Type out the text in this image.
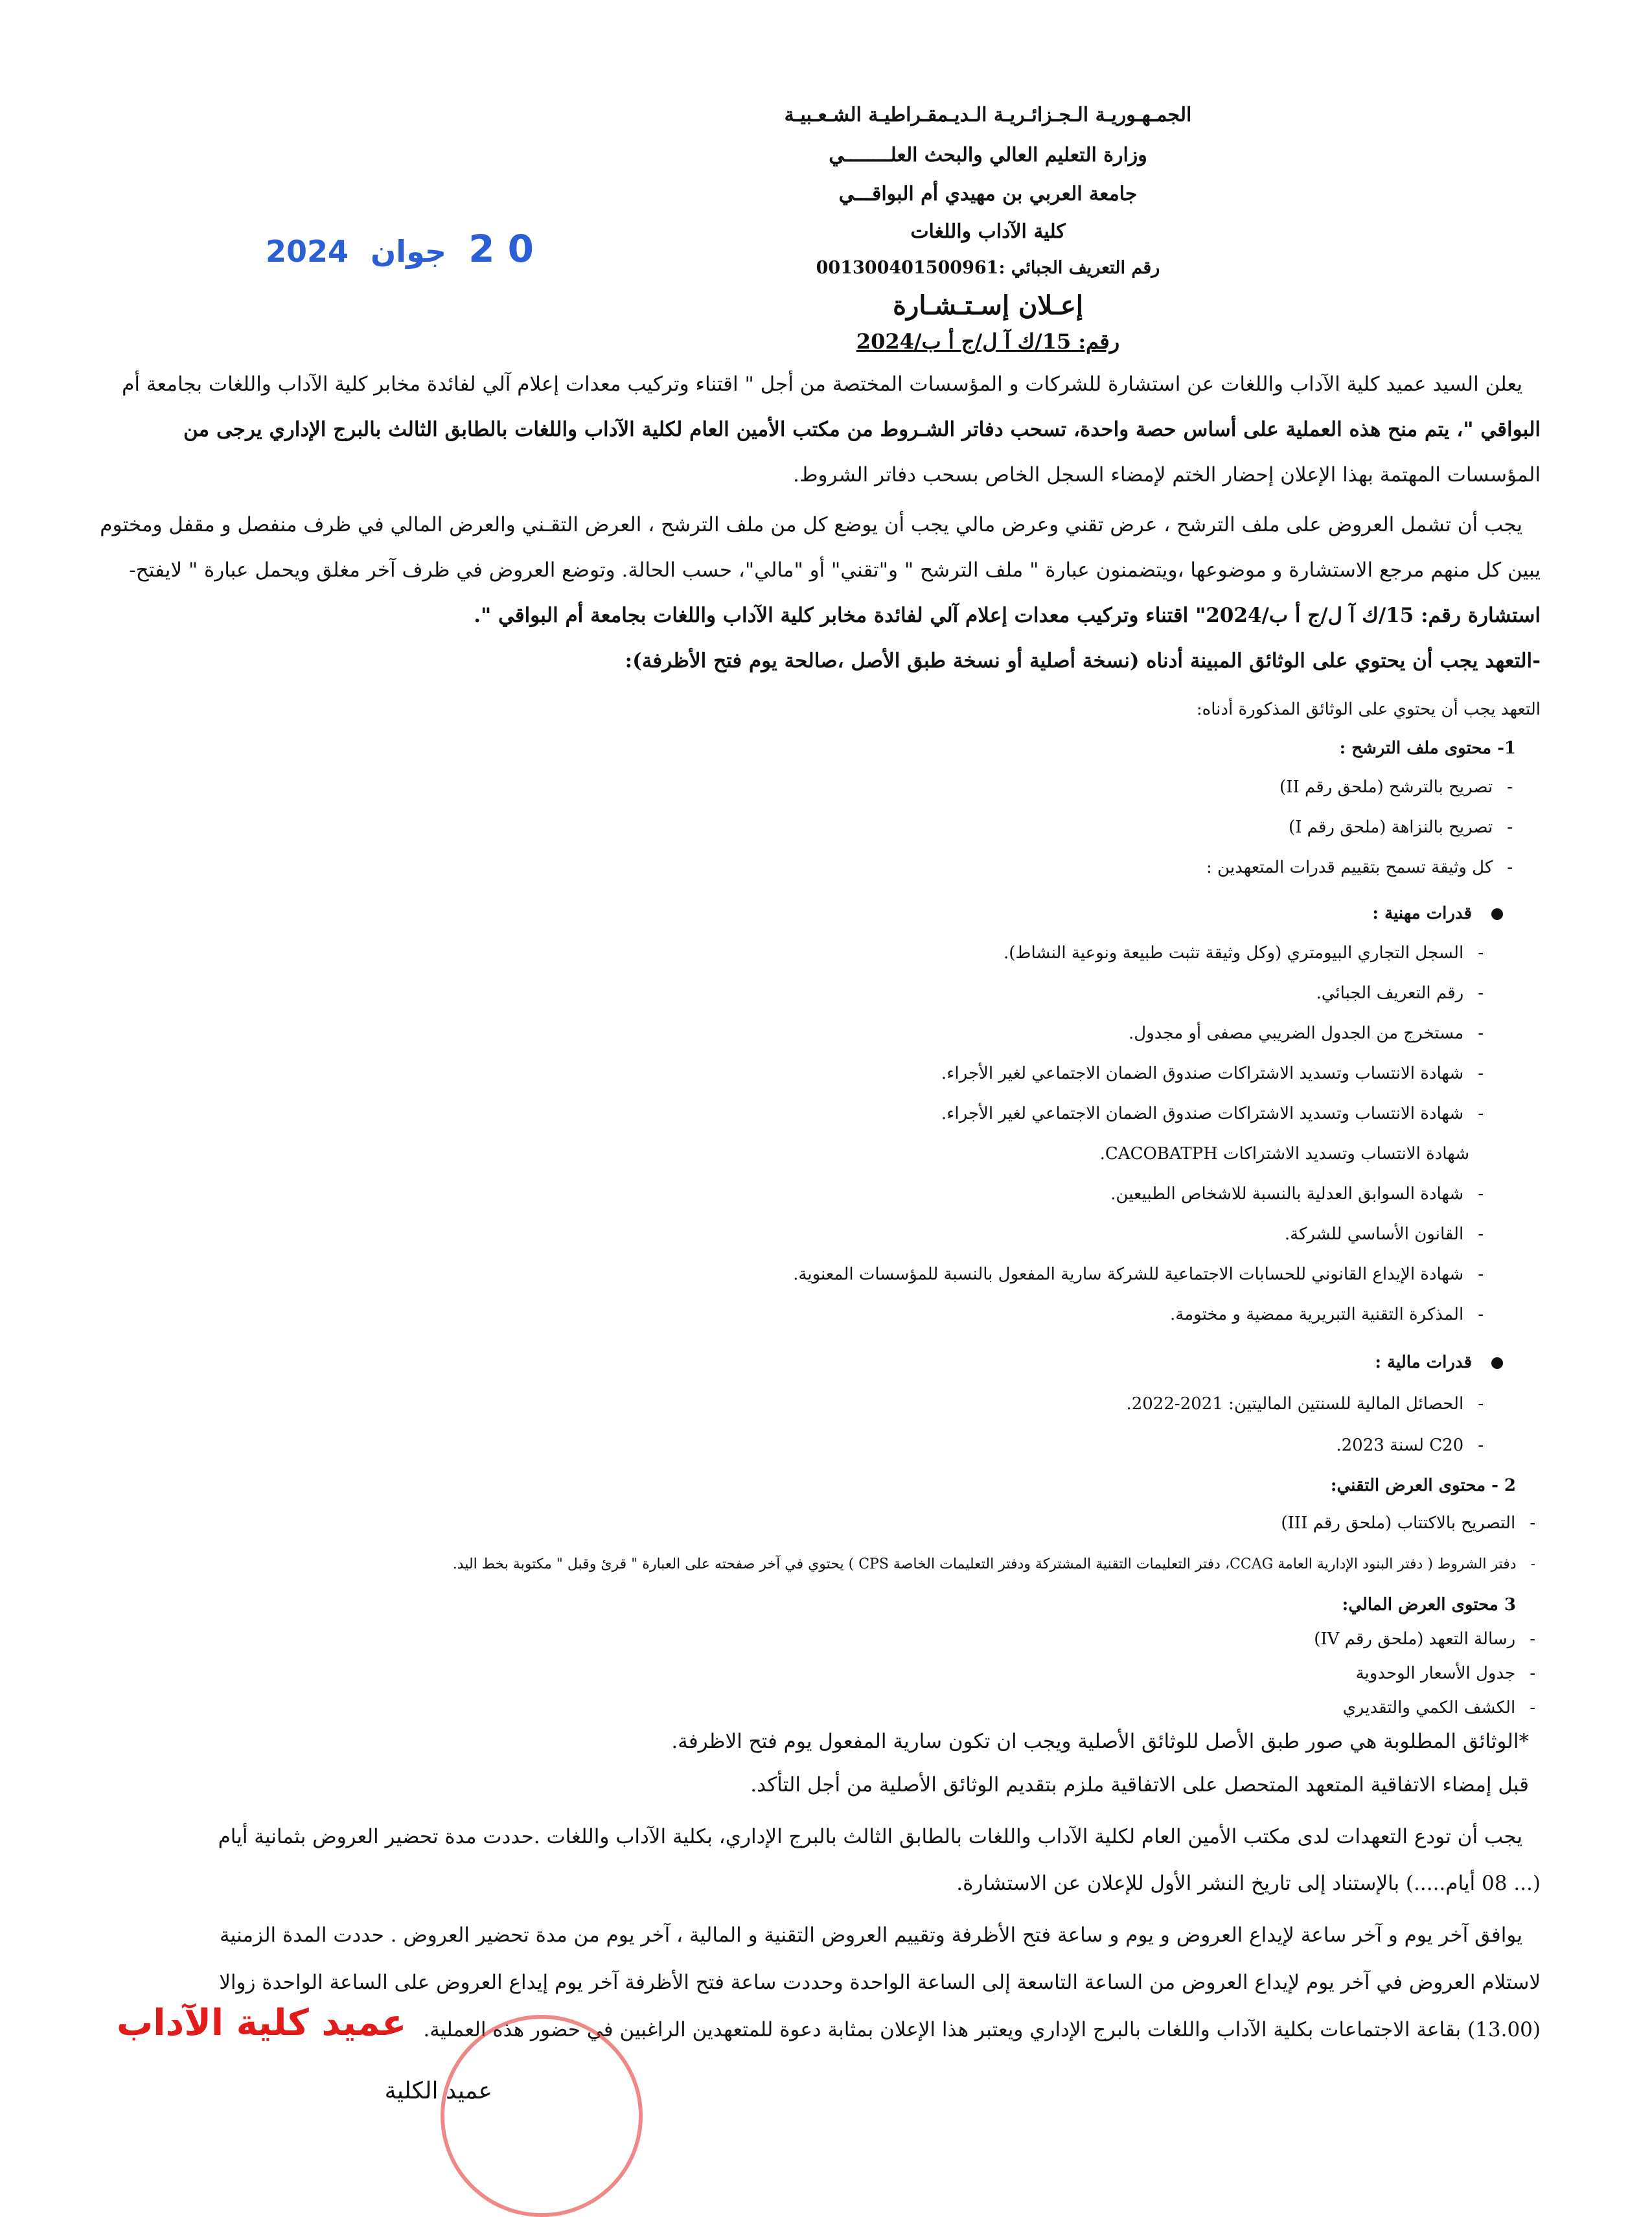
الجمـهـوريـة الـجـزائـريـة الـديـمقـراطيـة الشـعـبيـة
وزارة التعليم العالي والبحث العلــــــــي
جامعة العربي بن مهيدي أم البواقـــي
كلية الآداب واللغات
رقم التعريف الجبائي :001300401500961
0 2 جوان 2024
إعـلان إسـتـشـارة
رقم: 15/ك آ ل/ج أ ب/2024
يعلن السيد عميد كلية الآداب واللغات عن استشارة للشركات و المؤسسات المختصة من أجل " اقتناء وتركيب معدات إعلام آلي لفائدة مخابر كلية الآداب واللغات بجامعة أم
البواقي "، يتم منح هذه العملية على أساس حصة واحدة، تسحب دفاتر الشـروط من مكتب الأمين العام لكلية الآداب واللغات بالطابق الثالث بالبرج الإداري يرجى من
المؤسسات المهتمة بهذا الإعلان إحضار الختم لإمضاء السجل الخاص بسحب دفاتر الشروط.
يجب أن تشمل العروض على ملف الترشح ، عرض تقني وعرض مالي يجب أن يوضع كل من ملف الترشح ، العرض التقـني والعرض المالي في ظرف منفصل و مقفل ومختوم
يبين كل منهم مرجع الاستشارة و موضوعها ،ويتضمنون عبارة " ملف الترشح " و"تقني" أو "مالي"، حسب الحالة. وتوضع العروض في ظرف آخر مغلق ويحمل عبارة " لايفتح-
استشارة رقم: 15/ك آ ل/ج أ ب/2024" اقتناء وتركيب معدات إعلام آلي لفائدة مخابر كلية الآداب واللغات بجامعة أم البواقي ".
-التعهد يجب أن يحتوي على الوثائق المبينة أدناه (نسخة أصلية أو نسخة طبق الأصل ،صالحة يوم فتح الأظرفة):
التعهد يجب أن يحتوي على الوثائق المذكورة أدناه:
1- محتوى ملف الترشح :
- تصريح بالترشح (ملحق رقم II)
- تصريح بالنزاهة (ملحق رقم I)
- كل وثيقة تسمح بتقييم قدرات المتعهدين :
قدرات مهنية :
- السجل التجاري البيومتري (وكل وثيقة تثبت طبيعة ونوعية النشاط).
- رقم التعريف الجبائي.
- مستخرج من الجدول الضريبي مصفى أو مجدول.
- شهادة الانتساب وتسديد الاشتراكات صندوق الضمان الاجتماعي لغير الأجراء.
- شهادة الانتساب وتسديد الاشتراكات صندوق الضمان الاجتماعي لغير الأجراء.
شهادة الانتساب وتسديد الاشتراكات CACOBATPH.
- شهادة السوابق العدلية بالنسبة للاشخاص الطبيعين.
- القانون الأساسي للشركة.
- شهادة الإيداع القانوني للحسابات الاجتماعية للشركة سارية المفعول بالنسبة للمؤسسات المعنوية.
- المذكرة التقنية التبريرية ممضية و مختومة.
قدرات مالية :
- الحصائل المالية للسنتين الماليتين: 2021-2022.
- C20 لسنة 2023.
2 - محتوى العرض التقني:
- التصريح بالاكتتاب (ملحق رقم III)
- دفتر الشروط ( دفتر البنود الإدارية العامة CCAG، دفتر التعليمات التقنية المشتركة ودفتر التعليمات الخاصة CPS ) يحتوي في آخر صفحته على العبارة " قرئ وقبل " مكتوبة بخط اليد.
3 محتوى العرض المالي:
- رسالة التعهد (ملحق رقم IV)
- جدول الأسعار الوحدوية
- الكشف الكمي والتقديري
*الوثائق المطلوبة هي صور طبق الأصل للوثائق الأصلية ويجب ان تكون سارية المفعول يوم فتح الاظرفة.
قبل إمضاء الاتفاقية المتعهد المتحصل على الاتفاقية ملزم بتقديم الوثائق الأصلية من أجل التأكد.
يجب أن تودع التعهدات لدى مكتب الأمين العام لكلية الآداب واللغات بالطابق الثالث بالبرج الإداري، بكلية الآداب واللغات .حددت مدة تحضير العروض بثمانية أيام
(... 08 أيام.....) بالإستناد إلى تاريخ النشر الأول للإعلان عن الاستشارة.
يوافق آخر يوم و آخر ساعة لإيداع العروض و يوم و ساعة فتح الأظرفة وتقييم العروض التقنية و المالية ، آخر يوم من مدة تحضير العروض . حددت المدة الزمنية
لاستلام العروض في آخر يوم لإيداع العروض من الساعة التاسعة إلى الساعة الواحدة وحددت ساعة فتح الأظرفة آخر يوم إيداع العروض على الساعة الواحدة زوالا
(13.00) بقاعة الاجتماعات بكلية الآداب واللغات بالبرج الإداري ويعتبر هذا الإعلان بمثابة دعوة للمتعهدين الراغبين في حضور هذه العملية.
عميد كلية الآداب
عميد الكلية
